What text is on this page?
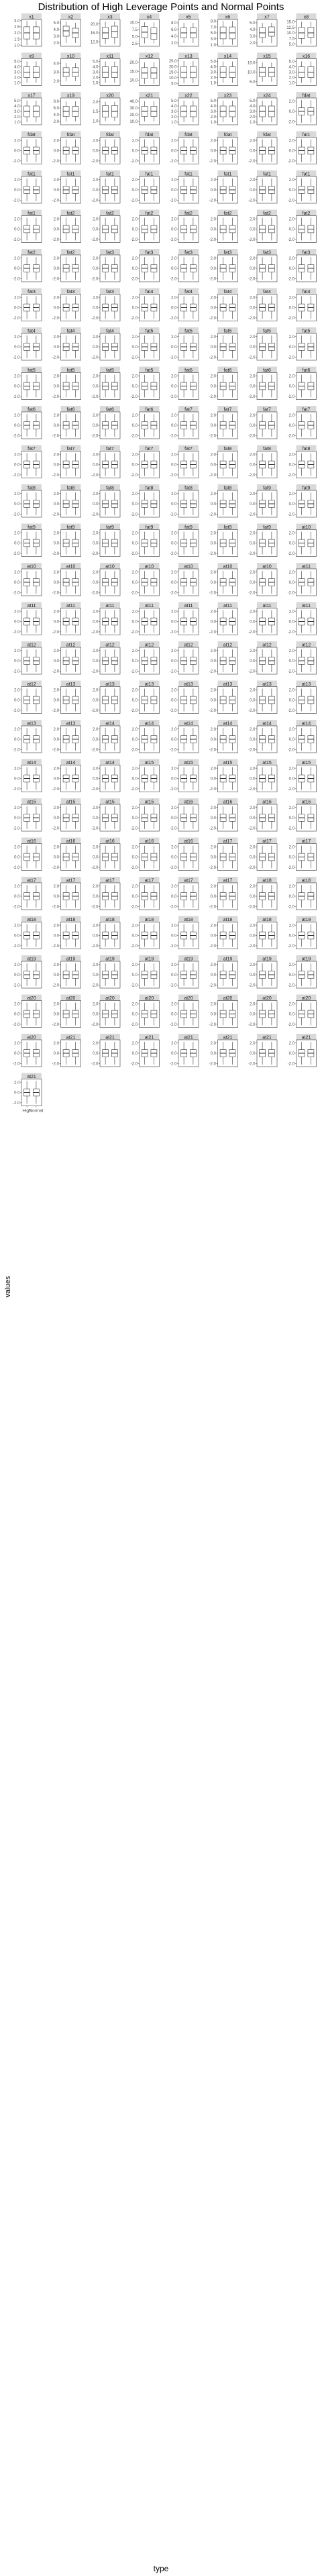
Distribution of High Leverage Points and Normal Points
values
x1
3.0
2.5
2.0
1.5
1.0
x2
5.0
4.0
3.0
2.0
x3
20.0
16.0
12.0
x4
10.0
7.5
5.0
2.5
x5
8.0
6.0
4.0
2.0
x6
9.0
7.0
5.0
3.0
1.0
x7
5.0
4.0
3.0
2.0
x8
15.0
12.5
10.0
7.5
5.0
x9
5.0
4.0
3.0
2.0
1.0
x10
4.0
3.0
2.0
x11
5.0
4.0
3.0
2.0
1.0
x12
20.0
15.0
10.0
x13
25.0
20.0
15.0
10.0
5.0
x14
5.0
4.0
3.0
2.0
1.0
x15
15.0
10.0
5.0
x16
5.0
4.0
3.0
2.0
1.0
x17
5.0
4.0
3.0
2.0
1.0
x19
8.0
6.0
4.0
2.0
x20
2.0
1.5
1.0
x21
40.0
30.0
20.0
10.0
x22
5.0
4.0
3.0
2.0
1.0
x23
5.0
4.0
3.0
2.0
1.0
x24
5.0
4.0
3.0
2.0
1.0
fdat
2.0
0.0
-2.0
fdat
2.0
0.0
-2.0
fdat
2.0
0.0
-2.0
fdat
2.0
0.0
-2.0
fdat
2.0
0.0
-2.0
fdat
2.0
0.0
-2.0
fdat
2.0
0.0
-2.0
fdat
2.0
0.0
-2.0
fat1
2.0
0.0
-2.0
fat1
2.0
0.0
-2.0
fat1
2.0
0.0
-2.0
fat1
2.0
0.0
-2.0
fat1
2.0
0.0
-2.0
fat1
2.0
0.0
-2.0
fat1
2.0
0.0
-2.0
fat1
2.0
0.0
-2.0
fat1
2.0
0.0
-2.0
fat1
2.0
0.0
-2.0
fat2
2.0
0.0
-2.0
fat2
2.0
0.0
-2.0
fat2
2.0
0.0
-2.0
fat2
2.0
0.0
-2.0
fat2
2.0
0.0
-2.0
fat2
2.0
0.0
-2.0
fat2
2.0
0.0
-2.0
fat2
2.0
0.0
-2.0
fat2
2.0
0.0
-2.0
fat3
2.0
0.0
-2.0
fat3
2.0
0.0
-2.0
fat3
2.0
0.0
-2.0
fat3
2.0
0.0
-2.0
fat3
2.0
0.0
-2.0
fat3
2.0
0.0
-2.0
fat3
2.0
0.0
-2.0
fat3
2.0
0.0
-2.0
fat3
2.0
0.0
-2.0
fat4
2.0
0.0
-2.0
fat4
2.0
0.0
-2.0
fat4
2.0
0.0
-2.0
fat4
2.0
0.0
-2.0
fat4
2.0
0.0
-2.0
fat4
2.0
0.0
-2.0
fat4
2.0
0.0
-2.0
fat4
2.0
0.0
-2.0
fat5
2.0
0.0
-2.0
fat5
2.0
0.0
-2.0
fat5
2.0
0.0
-2.0
fat5
2.0
0.0
-2.0
fat5
2.0
0.0
-2.0
fat5
2.0
0.0
-2.0
fat5
2.0
0.0
-2.0
fat5
2.0
0.0
-2.0
fat5
2.0
0.0
-2.0
fat6
2.0
0.0
-2.0
fat6
2.0
0.0
-2.0
fat6
2.0
0.0
-2.0
fat6
2.0
0.0
-2.0
fat6
2.0
0.0
-2.0
fat6
2.0
0.0
-2.0
fat6
2.0
0.0
-2.0
fat6
2.0
0.0
-2.0
fat7
2.0
0.0
-2.0
fat7
2.0
0.0
-2.0
fat7
2.0
0.0
-2.0
fat7
2.0
0.0
-2.0
fat7
2.0
0.0
-2.0
fat7
2.0
0.0
-2.0
fat7
2.0
0.0
-2.0
fat7
2.0
0.0
-2.0
fat7
2.0
0.0
-2.0
fat8
2.0
0.0
-2.0
fat8
2.0
0.0
-2.0
fat8
2.0
0.0
-2.0
fat8
2.0
0.0
-2.0
fat8
2.0
0.0
-2.0
fat8
2.0
0.0
-2.0
fat8
2.0
0.0
-2.0
fat8
2.0
0.0
-2.0
fat8
2.0
0.0
-2.0
fat9
2.0
0.0
-2.0
fat9
2.0
0.0
-2.0
fat9
2.0
0.0
-2.0
fat9
2.0
0.0
-2.0
fat9
2.0
0.0
-2.0
fat9
2.0
0.0
-2.0
fat9
2.0
0.0
-2.0
fat9
2.0
0.0
-2.0
fat9
2.0
0.0
-2.0
at10
2.0
0.0
-2.0
at10
2.0
0.0
-2.0
at10
2.0
0.0
-2.0
at10
2.0
0.0
-2.0
at10
2.0
0.0
-2.0
at10
2.0
0.0
-2.0
at10
2.0
0.0
-2.0
at10
2.0
0.0
-2.0
at11
2.0
0.0
-2.0
at11
2.0
0.0
-2.0
at11
2.0
0.0
-2.0
at11
2.0
0.0
-2.0
at11
2.0
0.0
-2.0
at11
2.0
0.0
-2.0
at11
2.0
0.0
-2.0
at11
2.0
0.0
-2.0
at11
2.0
0.0
-2.0
at12
2.0
0.0
-2.0
at12
2.0
0.0
-2.0
at12
2.0
0.0
-2.0
at12
2.0
0.0
-2.0
at12
2.0
0.0
-2.0
at12
2.0
0.0
-2.0
at12
2.0
0.0
-2.0
at12
2.0
0.0
-2.0
at12
2.0
0.0
-2.0
at13
2.0
0.0
-2.0
at13
2.0
0.0
-2.0
at13
2.0
0.0
-2.0
at13
2.0
0.0
-2.0
at13
2.0
0.0
-2.0
at13
2.0
0.0
-2.0
at13
2.0
0.0
-2.0
at13
2.0
0.0
-2.0
at13
2.0
0.0
-2.0
at14
2.0
0.0
-2.0
at14
2.0
0.0
-2.0
at14
2.0
0.0
-2.0
at14
2.0
0.0
-2.0
at14
2.0
0.0
-2.0
at14
2.0
0.0
-2.0
at14
2.0
0.0
-2.0
at14
2.0
0.0
-2.0
at14
2.0
0.0
-2.0
at15
2.0
0.0
-2.0
at15
2.0
0.0
-2.0
at15
2.0
0.0
-2.0
at15
2.0
0.0
-2.0
at15
2.0
0.0
-2.0
at15
2.0
0.0
-2.0
at15
2.0
0.0
-2.0
at15
2.0
0.0
-2.0
at15
2.0
0.0
-2.0
at16
2.0
0.0
-2.0
at16
2.0
0.0
-2.0
at16
2.0
0.0
-2.0
at16
2.0
0.0
-2.0
at16
2.0
0.0
-2.0
at16
2.0
0.0
-2.0
at16
2.0
0.0
-2.0
at16
2.0
0.0
-2.0
at16
2.0
0.0
-2.0
at17
2.0
0.0
-2.0
at17
2.0
0.0
-2.0
at17
2.0
0.0
-2.0
at17
2.0
0.0
-2.0
at17
2.0
0.0
-2.0
at17
2.0
0.0
-2.0
at17
2.0
0.0
-2.0
at17
2.0
0.0
-2.0
at17
2.0
0.0
-2.0
at18
2.0
0.0
-2.0
at18
2.0
0.0
-2.0
at18
2.0
0.0
-2.0
at18
2.0
0.0
-2.0
at18
2.0
0.0
-2.0
at18
2.0
0.0
-2.0
at18
2.0
0.0
-2.0
at18
2.0
0.0
-2.0
at18
2.0
0.0
-2.0
at19
2.0
0.0
-2.0
at19
2.0
0.0
-2.0
at19
2.0
0.0
-2.0
at19
2.0
0.0
-2.0
at19
2.0
0.0
-2.0
at19
2.0
0.0
-2.0
at19
2.0
0.0
-2.0
at19
2.0
0.0
-2.0
at19
2.0
0.0
-2.0
at20
2.0
0.0
-2.0
at20
2.0
0.0
-2.0
at20
2.0
0.0
-2.0
at20
2.0
0.0
-2.0
at20
2.0
0.0
-2.0
at20
2.0
0.0
-2.0
at20
2.0
0.0
-2.0
at20
2.0
0.0
-2.0
at20
2.0
0.0
-2.0
at21
2.0
0.0
-2.0
at21
2.0
0.0
-2.0
at21
2.0
0.0
-2.0
at21
2.0
0.0
-2.0
at21
2.0
0.0
-2.0
at21
2.0
0.0
-2.0
at21
2.0
0.0
-2.0
at21
2.0
0.0
-2.0
High
Normal
type
